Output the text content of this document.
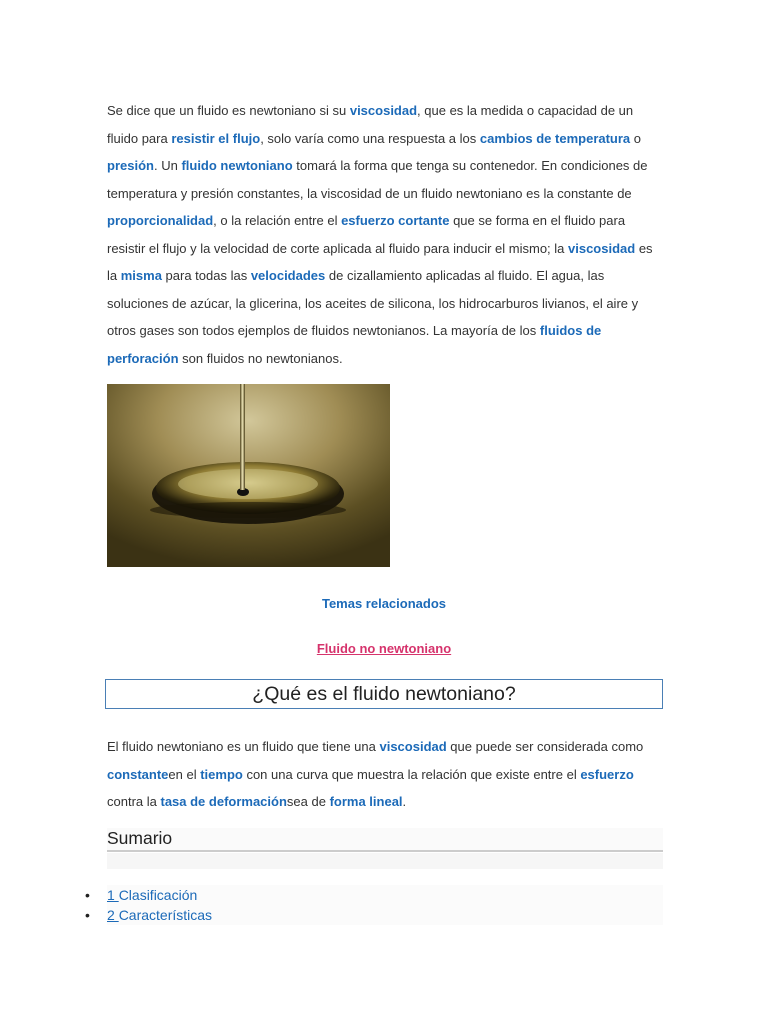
Se dice que un fluido es newtoniano si su viscosidad, que es la medida o capacidad de un fluido para resistir el flujo, solo varía como una respuesta a los cambios de temperatura o presión. Un fluido newtoniano tomará la forma que tenga su contenedor. En condiciones de temperatura y presión constantes, la viscosidad de un fluido newtoniano es la constante de proporcionalidad, o la relación entre el esfuerzo cortante que se forma en el fluido para resistir el flujo y la velocidad de corte aplicada al fluido para inducir el mismo; la viscosidad es la misma para todas las velocidades de cizallamiento aplicadas al fluido. El agua, las soluciones de azúcar, la glicerina, los aceites de silicona, los hidrocarburos livianos, el aire y otros gases son todos ejemplos de fluidos newtonianos. La mayoría de los fluidos de perforación son fluidos no newtonianos.

Temas relacionados
Fluido no newtoniano
¿Qué es el fluido newtoniano?

El fluido newtoniano es un fluido que tiene una viscosidad que puede ser considerada como constanteen el tiempo con una curva que muestra la relación que existe entre el esfuerzo contra la tasa de deformaciónsea de forma lineal.

Sumario
• 1 Clasificación
• 2 Características
